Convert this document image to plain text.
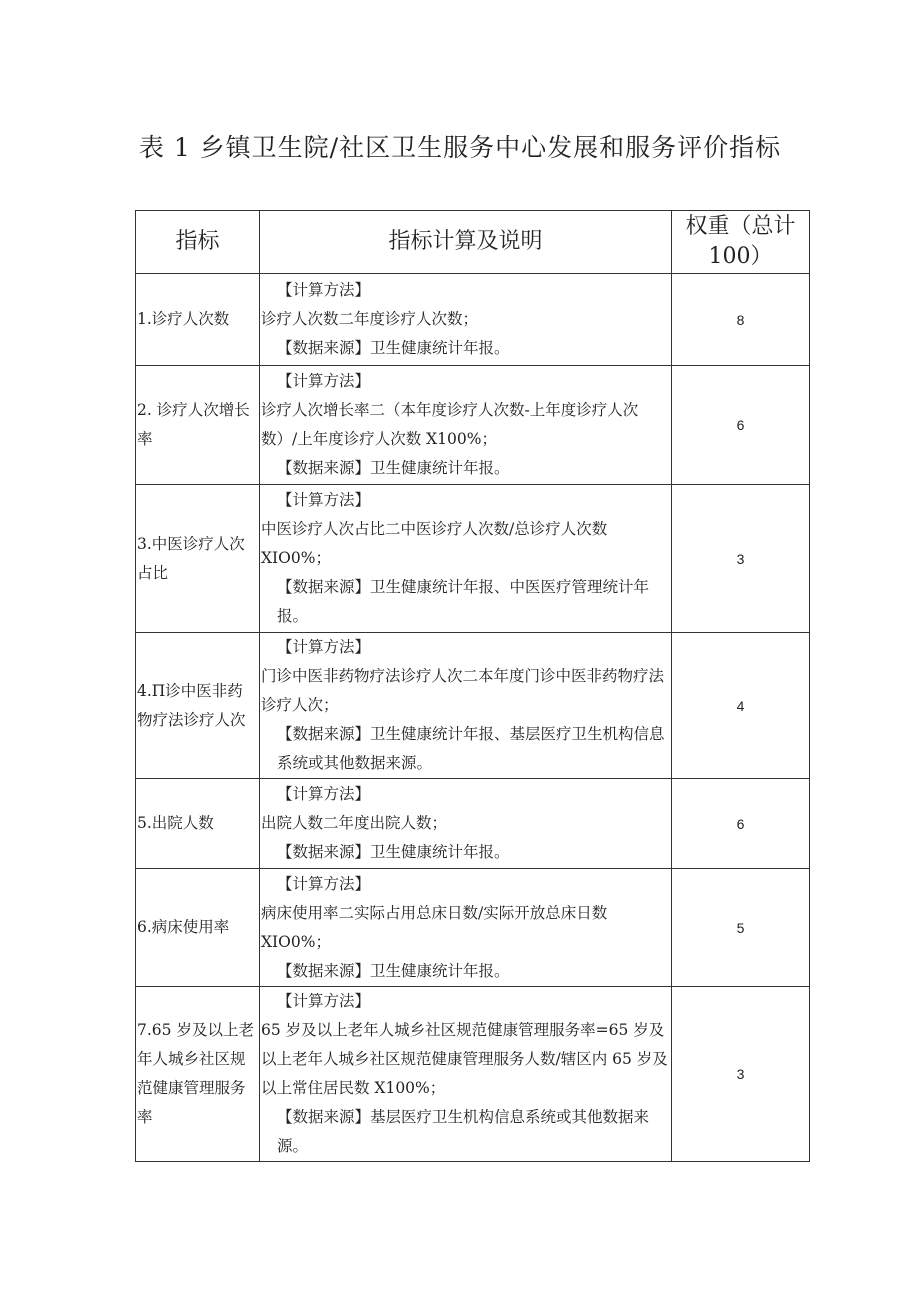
表 1 乡镇卫生院/社区卫生服务中心发展和服务评价指标
指标	指标计算及说明	权重（总计 100）
1.诊疗人次数	【计算方法】
诊疗人次数二年度诊疗人次数；
【数据来源】卫生健康统计年报。	8
2. 诊疗人次增长率	【计算方法】
诊疗人次增长率二（本年度诊疗人次数-上年度诊疗人次数）/上年度诊疗人次数 X100%；
【数据来源】卫生健康统计年报。	6
3.中医诊疗人次占比	【计算方法】
中医诊疗人次占比二中医诊疗人次数/总诊疗人次数 XIO0%；
【数据来源】卫生健康统计年报、中医医疗管理统计年报。	3
4.Π诊中医非药物疗法诊疗人次	【计算方法】
门诊中医非药物疗法诊疗人次二本年度门诊中医非药物疗法诊疗人次；
【数据来源】卫生健康统计年报、基层医疗卫生机构信息系统或其他数据来源。	4
5.出院人数	【计算方法】
出院人数二年度出院人数；
【数据来源】卫生健康统计年报。	6
6.病床使用率	【计算方法】
病床使用率二实际占用总床日数/实际开放总床日数 XIO0%；
【数据来源】卫生健康统计年报。	5
7.65 岁及以上老年人城乡社区规范健康管理服务率	【计算方法】
65 岁及以上老年人城乡社区规范健康管理服务率=65 岁及以上老年人城乡社区规范健康管理服务人数/辖区内 65 岁及以上常住居民数 X100%；
【数据来源】基层医疗卫生机构信息系统或其他数据来源。	3
